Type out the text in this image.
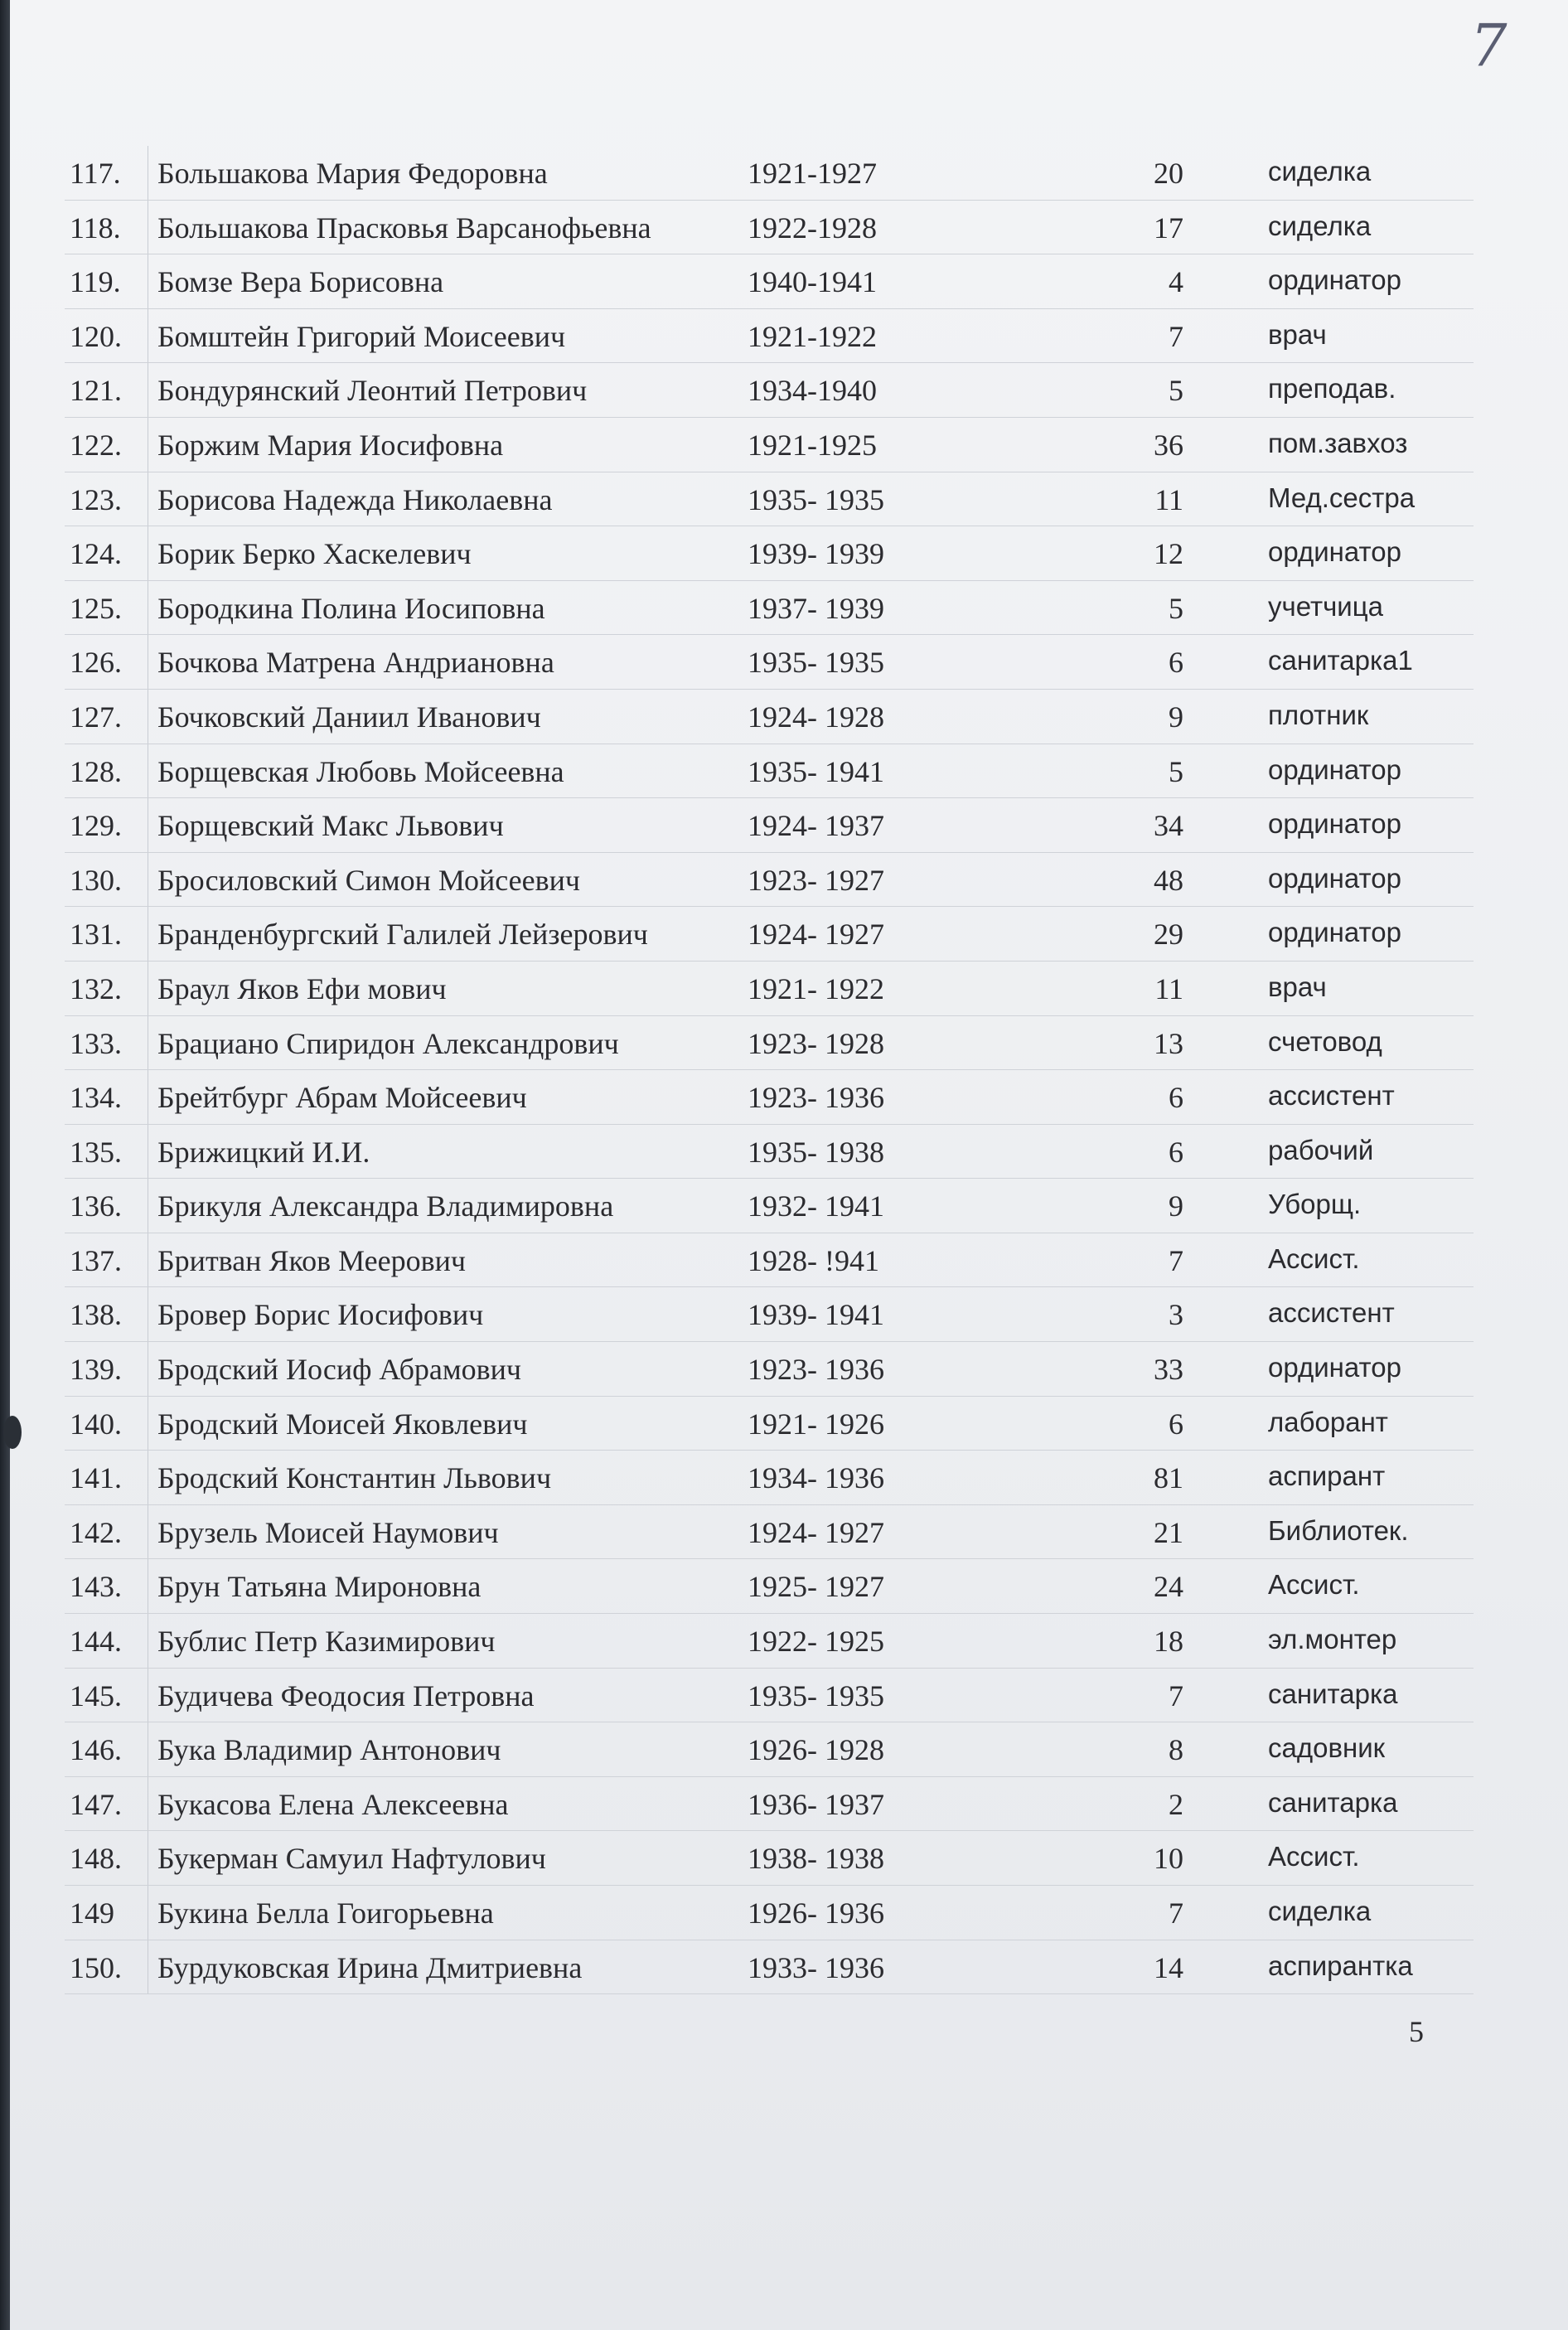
7
117.	Большакова Мария Федоровна	1921-1927	20	сиделка
118.	Большакова Прасковья Варсанофьевна	1922-1928	17	сиделка
119.	Бомзе Вера Борисовна	1940-1941	4	ординатор
120.	Бомштейн Григорий Моисеевич	1921-1922	7	врач
121.	Бондурянский Леонтий Петрович	1934-1940	5	преподав.
122.	Боржим Мария Иосифовна	1921-1925	36	пом.завхоз
123.	Борисова Надежда Николаевна	1935- 1935	11	Мед.сестра
124.	Борик Берко Хаскелевич	1939- 1939	12	ординатор
125.	Бородкина Полина Иосиповна	1937- 1939	5	учетчица
126.	Бочкова Матрена Андриановна	1935- 1935	6	санитарка1
127.	Бочковский Даниил Иванович	1924- 1928	9	плотник
128.	Борщевская Любовь Мойсеевна	1935- 1941	5	ординатор
129.	Борщевский Макс Львович	1924- 1937	34	ординатор
130.	Бросиловский Симон Мойсеевич	1923- 1927	48	ординатор
131.	Бранденбургский Галилей Лейзерович	1924- 1927	29	ординатор
132.	Браул Яков Ефи мович	1921- 1922	11	врач
133.	Брациано Спиридон Александрович	1923- 1928	13	счетовод
134.	Брейтбург Абрам Мойсеевич	1923- 1936	6	ассистент
135.	Брижицкий И.И.	1935- 1938	6	рабочий
136.	Брикуля Александра Владимировна	1932- 1941	9	Уборщ.
137.	Бритван Яков Меерович	1928- !941	7	Ассист.
138.	Бровер Борис Иосифович	1939- 1941	3	ассистент
139.	Бродский Иосиф Абрамович	1923- 1936	33	ординатор
140.	Бродский Моисей Яковлевич	1921- 1926	6	лаборант
141.	Бродский Константин Львович	1934- 1936	81	аспирант
142.	Брузель Моисей Наумович	1924- 1927	21	Библиотек.
143.	Брун Татьяна Мироновна	1925- 1927	24	Ассист.
144.	Бублис Петр Казимирович	1922- 1925	18	эл.монтер
145.	Будичева Феодосия Петровна	1935- 1935	7	санитарка
146.	Бука Владимир Антонович	1926- 1928	8	садовник
147.	Букасова Елена Алексеевна	1936- 1937	2	санитарка
148.	Букерман Самуил Нафтулович	1938- 1938	10	Ассист.
149	Букина Белла Гоигорьевна	1926- 1936	7	сиделка
150.	Бурдуковская Ирина Дмитриевна	1933- 1936	14	аспирантка
5
